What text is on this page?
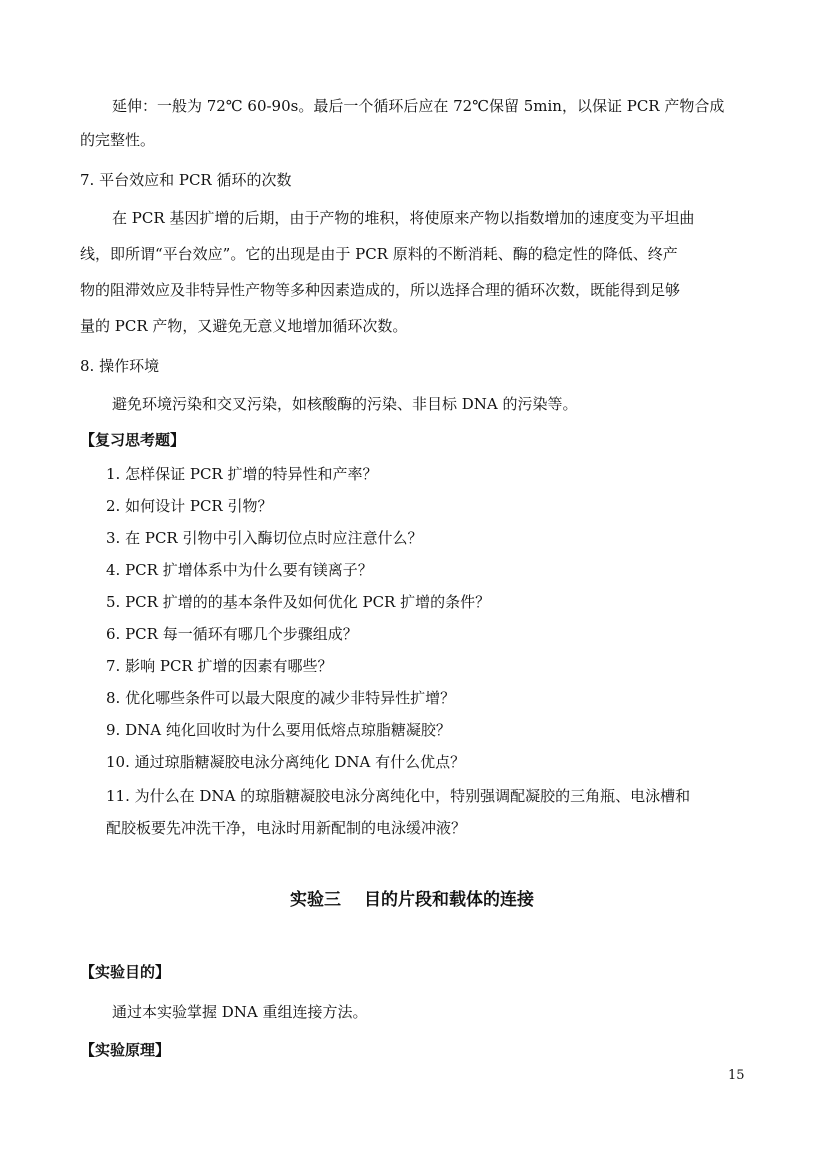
延伸：一般为 72℃ 60-90s。最后一个循环后应在 72℃保留 5min，以保证 PCR 产物合成
的完整性。
7. 平台效应和 PCR 循环的次数
在 PCR 基因扩增的后期，由于产物的堆积，将使原来产物以指数增加的速度变为平坦曲
线，即所谓“平台效应”。它的出现是由于 PCR 原料的不断消耗、酶的稳定性的降低、终产
物的阻滞效应及非特异性产物等多种因素造成的，所以选择合理的循环次数，既能得到足够
量的 PCR 产物，又避免无意义地增加循环次数。
8. 操作环境
避免环境污染和交叉污染，如核酸酶的污染、非目标 DNA 的污染等。
【复习思考题】
1. 怎样保证 PCR 扩增的特异性和产率？
2. 如何设计 PCR 引物？
3. 在 PCR 引物中引入酶切位点时应注意什么？
4. PCR 扩增体系中为什么要有镁离子？
5. PCR 扩增的的基本条件及如何优化 PCR 扩增的条件？
6. PCR 每一循环有哪几个步骤组成？
7. 影响 PCR 扩增的因素有哪些？
8. 优化哪些条件可以最大限度的减少非特异性扩增？
9. DNA 纯化回收时为什么要用低熔点琼脂糖凝胶？
10. 通过琼脂糖凝胶电泳分离纯化 DNA 有什么优点？
11. 为什么在 DNA 的琼脂糖凝胶电泳分离纯化中，特别强调配凝胶的三角瓶、电泳槽和
配胶板要先冲洗干净，电泳时用新配制的电泳缓冲液？
实验三　 目的片段和载体的连接
【实验目的】
通过本实验掌握 DNA 重组连接方法。
【实验原理】
15
